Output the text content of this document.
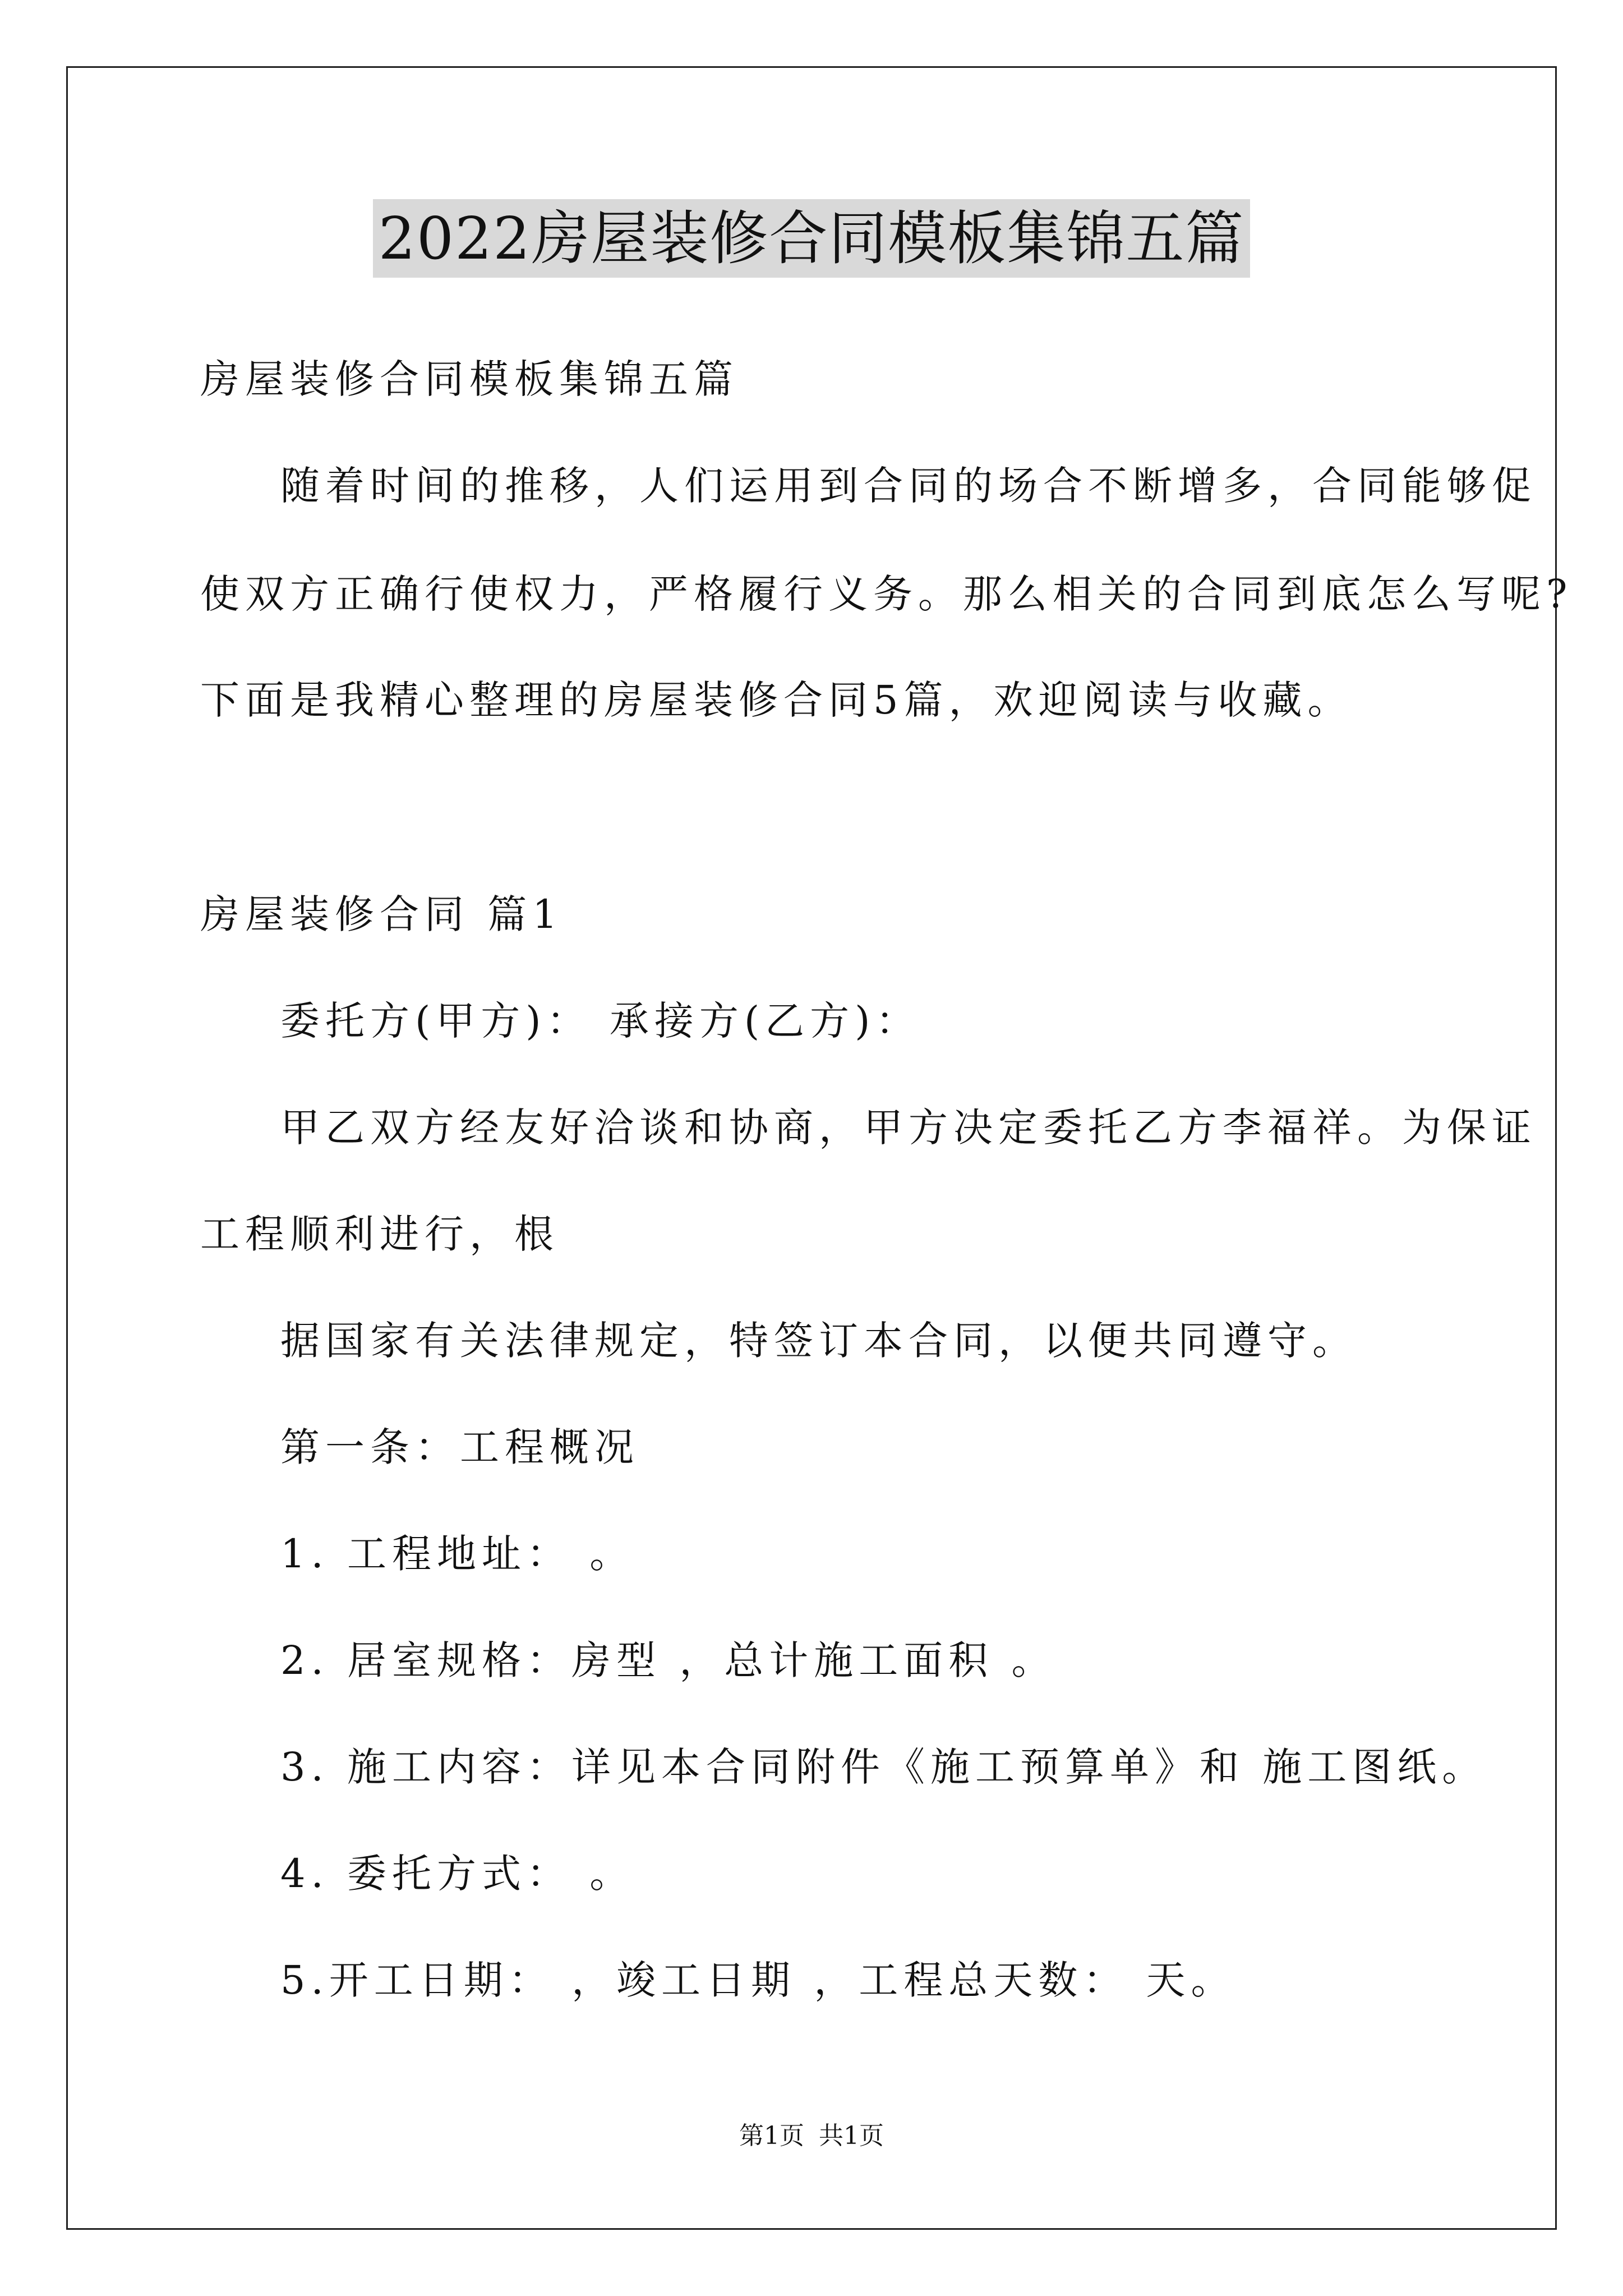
2022房屋装修合同模板集锦五篇
房屋装修合同模板集锦五篇
随着时间的推移，人们运用到合同的场合不断增多，合同能够促
使双方正确行使权力，严格履行义务。那么相关的合同到底怎么写呢?
下面是我精心整理的房屋装修合同5篇，欢迎阅读与收藏。
房屋装修合同 篇1
委托方(甲方)： 承接方(乙方)：
甲乙双方经友好洽谈和协商，甲方决定委托乙方李福祥。为保证
工程顺利进行，根
据国家有关法律规定，特签订本合同，以便共同遵守。
第一条：工程概况
1. 工程地址： 。
2. 居室规格：房型 ，总计施工面积 。
3. 施工内容：详见本合同附件《施工预算单》和 施工图纸。
4. 委托方式： 。
5.开工日期： ，竣工日期 ，工程总天数： 天。
第1页 共1页
